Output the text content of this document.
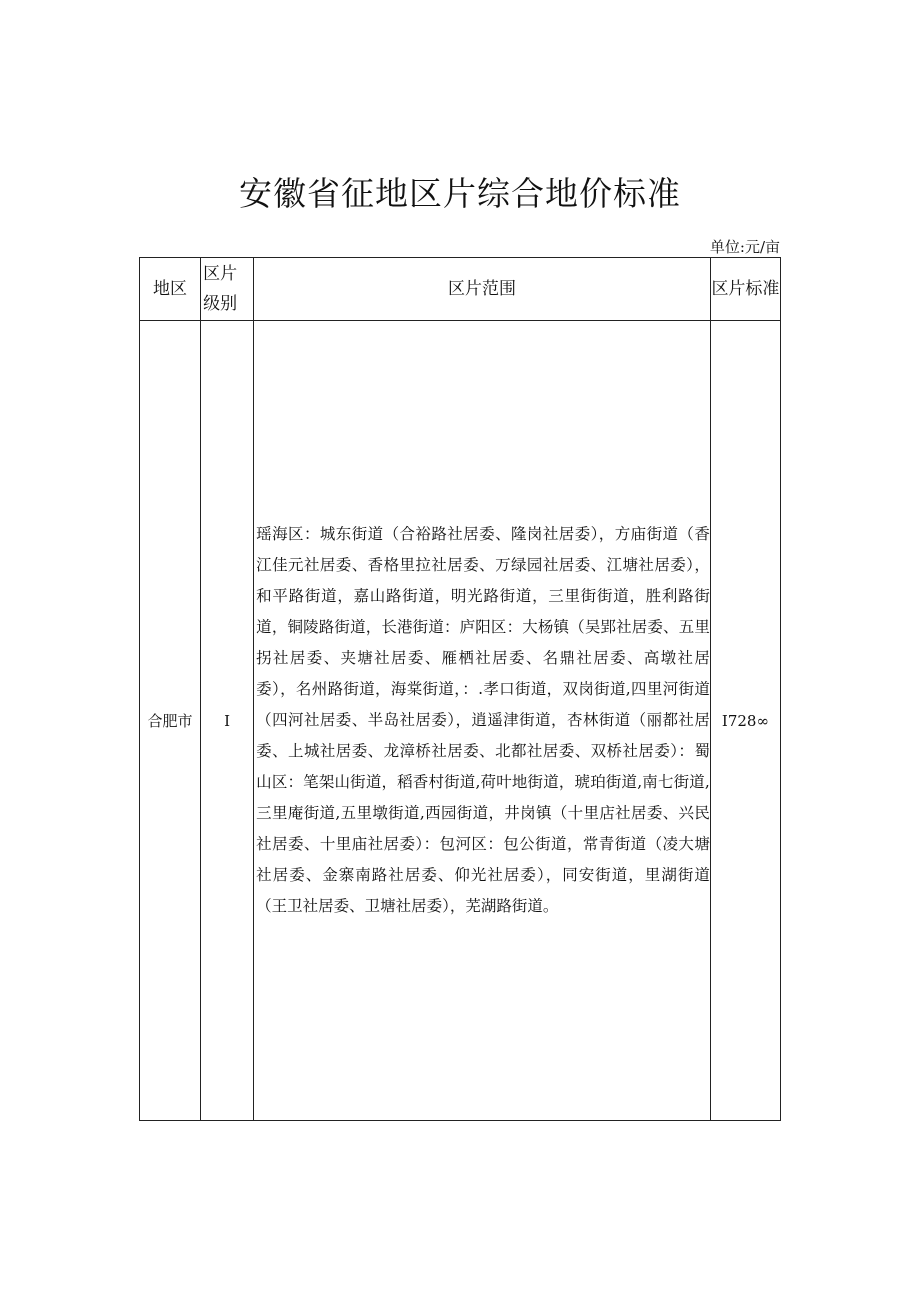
安徽省征地区片综合地价标准
单位:元/亩
地区	区片级别	区片范围	区片标准
合肥市	I	瑶海区：城东街道（合裕路社居委、隆岗社居委），方庙街道（香江佳元社居委、香格里拉社居委、万绿园社居委、江塘社居委），和平路街道，嘉山路街道，明光路街道，三里街街道，胜利路街道，铜陵路街道，长港街道：庐阳区：大杨镇（吴郢社居委、五里拐社居委、夹塘社居委、雁栖社居委、名鼎社居委、高墩社居委），名州路街道，海棠街道，：.孝口街道，双岗街道,四里河街道（四河社居委、半岛社居委），逍遥津街道，杏林街道（丽都社居委、上城社居委、龙漳桥社居委、北都社居委、双桥社居委）：蜀山区：笔架山街道，稻香村街道,荷叶地街道，琥珀街道,南七街道,三里庵街道,五里墩街道,西园街道，井岗镇（十里店社居委、兴民社居委、十里庙社居委）：包河区：包公街道，常青街道（凌大塘社居委、金寨南路社居委、仰光社居委），同安街道，里湖街道（王卫社居委、卫塘社居委），芜湖路街道。	I728∞
